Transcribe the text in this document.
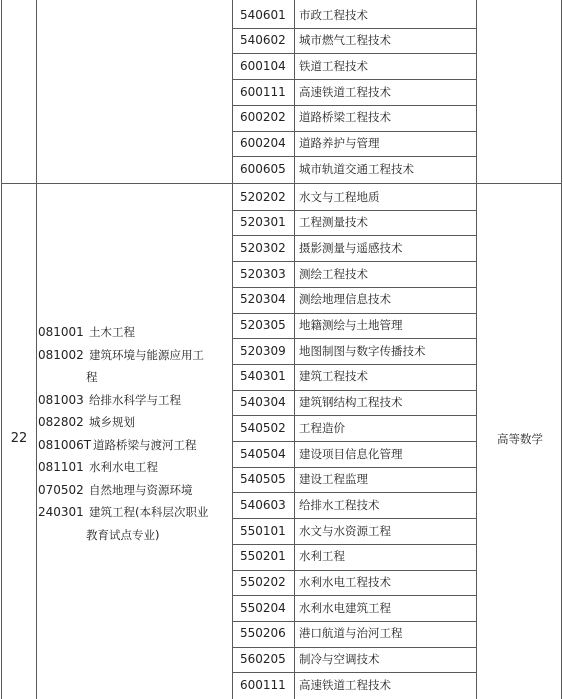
540601	市政工程技术
540602	城市燃气工程技术
600104	铁道工程技术
600111	高速铁道工程技术
600202	道路桥梁工程技术
600204	道路养护与管理
600605	城市轨道交通工程技术
520202	水文与工程地质
520301	工程测量技术
520302	摄影测量与遥感技术
520303	测绘工程技术
520304	测绘地理信息技术
520305	地籍测绘与土地管理
520309	地图制图与数字传播技术
540301	建筑工程技术
540304	建筑钢结构工程技术
540502	工程造价
540504	建设项目信息化管理
540505	建设工程监理
540603	给排水工程技术
550101	水文与水资源工程
550201	水利工程
550202	水利水电工程技术
550204	水利水电建筑工程
550206	港口航道与治河工程
560205	制冷与空调技术
600111	高速铁道工程技术
22	高等数学
081001 土木工程
081002 建筑环境与能源应用工
程
081003 给排水科学与工程
082802 城乡规划
081006T 道路桥梁与渡河工程
081101 水利水电工程
070502 自然地理与资源环境
240301 建筑工程(本科层次职业
教育试点专业)
